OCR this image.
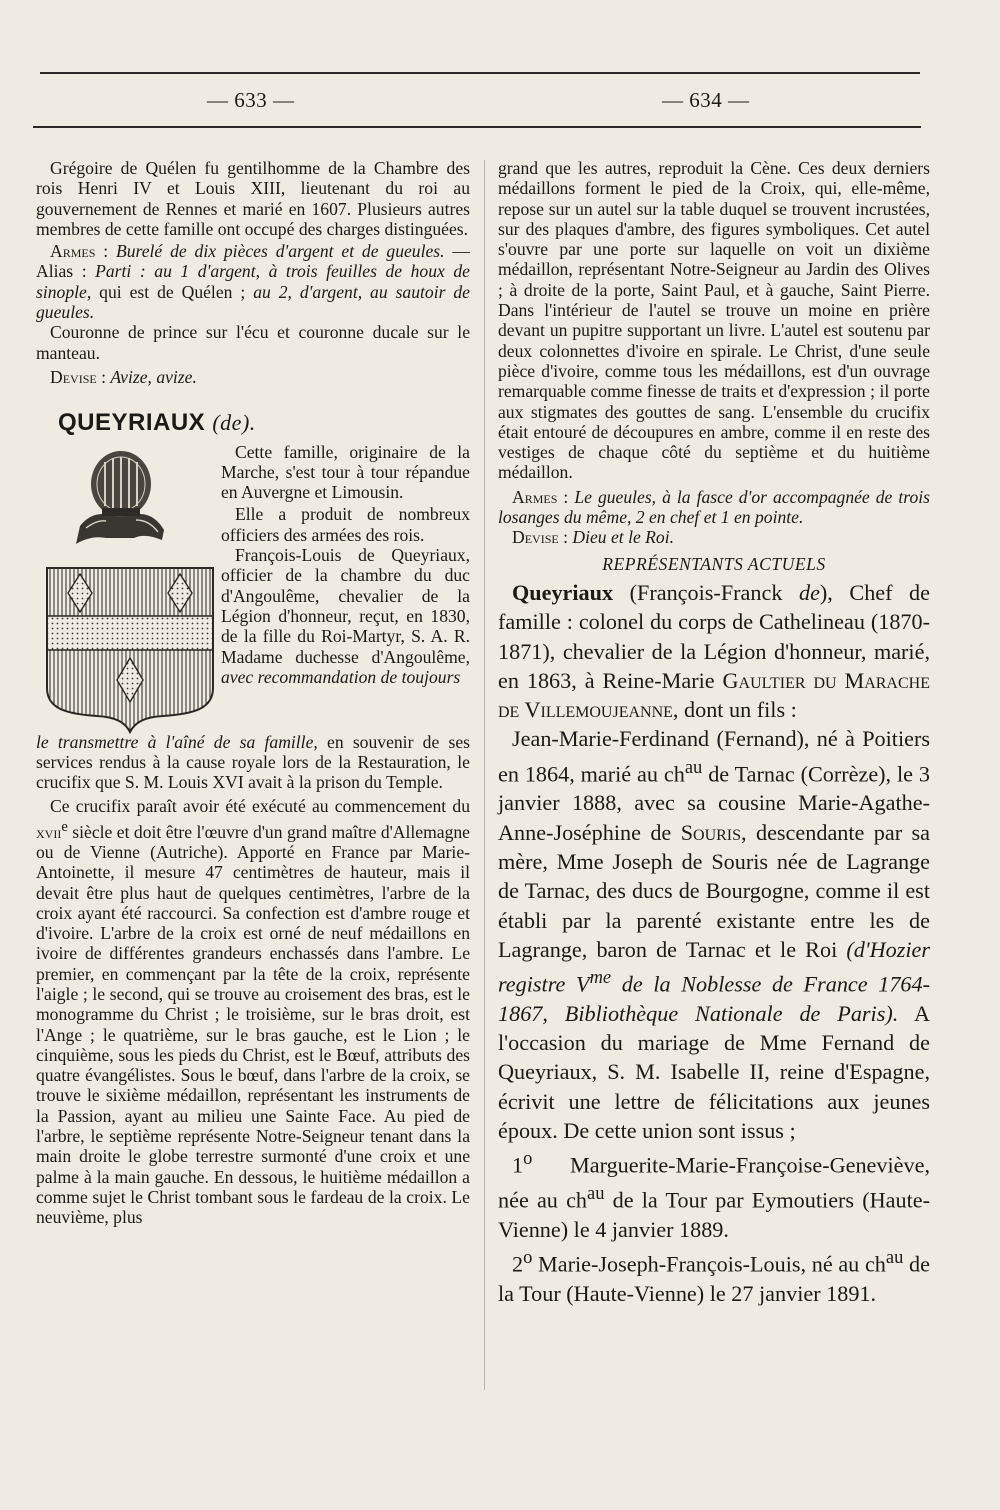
— 633 —	— 634 —

Grégoire de Quélen fu gentilhomme de la Chambre des rois Henri IV et Louis XIII, lieutenant du roi au gouvernement de Rennes et marié en 1607. Plusieurs autres membres de cette famille ont occupé des charges distinguées.

Armes : Burelé de dix pièces d'argent et de gueules. — Alias : Parti : au 1 d'argent, à trois feuilles de houx de sinople, qui est de Quélen ; au 2, d'argent, au sautoir de gueules.

Couronne de prince sur l'écu et couronne ducale sur le manteau.

Devise : Avize, avize.

QUEYRIAUX (de).

Cette famille, originaire de la Marche, s'est tour à tour répandue en Auvergne et Limousin.

Elle a produit de nombreux officiers des armées des rois.

François-Louis de Queyriaux, officier de la chambre du duc d'Angoulême, chevalier de la Légion d'honneur, reçut, en 1830, de la fille du Roi-Martyr, S. A. R. Madame duchesse d'Angoulême, avec recommandation de toujours

le transmettre à l'aîné de sa famille, en souvenir de ses services rendus à la cause royale lors de la Restauration, le crucifix que S. M. Louis XVI avait à la prison du Temple.

Ce crucifix paraît avoir été exécuté au commencement du xvii$^e$ siècle et doit être l'œuvre d'un grand maître d'Allemagne ou de Vienne (Autriche). Apporté en France par Marie-Antoinette, il mesure 47 centimètres de hauteur, mais il devait être plus haut de quelques centimètres, l'arbre de la croix ayant été raccourci. Sa confection est d'ambre rouge et d'ivoire. L'arbre de la croix est orné de neuf médaillons en ivoire de différentes grandeurs enchassés dans l'ambre. Le premier, en commençant par la tête de la croix, représente l'aigle ; le second, qui se trouve au croisement des bras, est le monogramme du Christ ; le troisième, sur le bras droit, est l'Ange ; le quatrième, sur le bras gauche, est le Lion ; le cinquième, sous les pieds du Christ, est le Bœuf, attributs des quatre évangélistes. Sous le bœuf, dans l'arbre de la croix, se trouve le sixième médaillon, représentant les instruments de la Passion, ayant au milieu une Sainte Face. Au pied de l'arbre, le septième représente Notre-Seigneur tenant dans la main droite le globe terrestre surmonté d'une croix et une palme à la main gauche. En dessous, le huitième médaillon a comme sujet le Christ tombant sous le fardeau de la croix. Le neuvième, plus

grand que les autres, reproduit la Cène. Ces deux derniers médaillons forment le pied de la Croix, qui, elle-même, repose sur un autel sur la table duquel se trouvent incrustées, sur des plaques d'ambre, des figures symboliques. Cet autel s'ouvre par une porte sur laquelle on voit un dixième médaillon, représentant Notre-Seigneur au Jardin des Olives ; à droite de la porte, Saint Paul, et à gauche, Saint Pierre. Dans l'intérieur de l'autel se trouve un moine en prière devant un pupitre supportant un livre. L'autel est soutenu par deux colonnettes d'ivoire en spirale. Le Christ, d'une seule pièce d'ivoire, comme tous les médaillons, est d'un ouvrage remarquable comme finesse de traits et d'expression ; il porte aux stigmates des gouttes de sang. L'ensemble du crucifix était entouré de découpures en ambre, comme il en reste des vestiges de chaque côté du septième et du huitième médaillon.

Armes : Le gueules, à la fasce d'or accompagnée de trois losanges du même, 2 en chef et 1 en pointe.

Devise : Dieu et le Roi.

REPRÉSENTANTS ACTUELS

Queyriaux (François-Franck de), Chef de famille : colonel du corps de Cathelineau (1870-1871), chevalier de la Légion d'honneur, marié, en 1863, à Reine-Marie Gaultier du Marache de Villemoujeanne, dont un fils :

Jean-Marie-Ferdinand (Fernand), né à Poitiers en 1864, marié au $ch^{au}$ de Tarnac (Corrèze), le 3 janvier 1888, avec sa cousine Marie-Agathe-Anne-Joséphine de Souris, descendante par sa mère, Mme Joseph de Souris née de Lagrange de Tarnac, des ducs de Bourgogne, comme il est établi par la parenté existante entre les de Lagrange, baron de Tarnac et le Roi (d'Hozier registre $V^{me}$ de la Noblesse de France 1764-1867, Bibliothèque Nationale de Paris). A l'occasion du mariage de Mme Fernand de Queyriaux, S. M. Isabelle II, reine d'Espagne, écrivit une lettre de félicitations aux jeunes époux. De cette union sont issus ;

1$^o$ Marguerite-Marie-Françoise-Geneviève, née au $ch^{au}$ de la Tour par Eymoutiers (Haute-Vienne) le 4 janvier 1889.

2$^o$ Marie-Joseph-François-Louis, né au $ch^{au}$ de la Tour (Haute-Vienne) le 27 janvier 1891.
